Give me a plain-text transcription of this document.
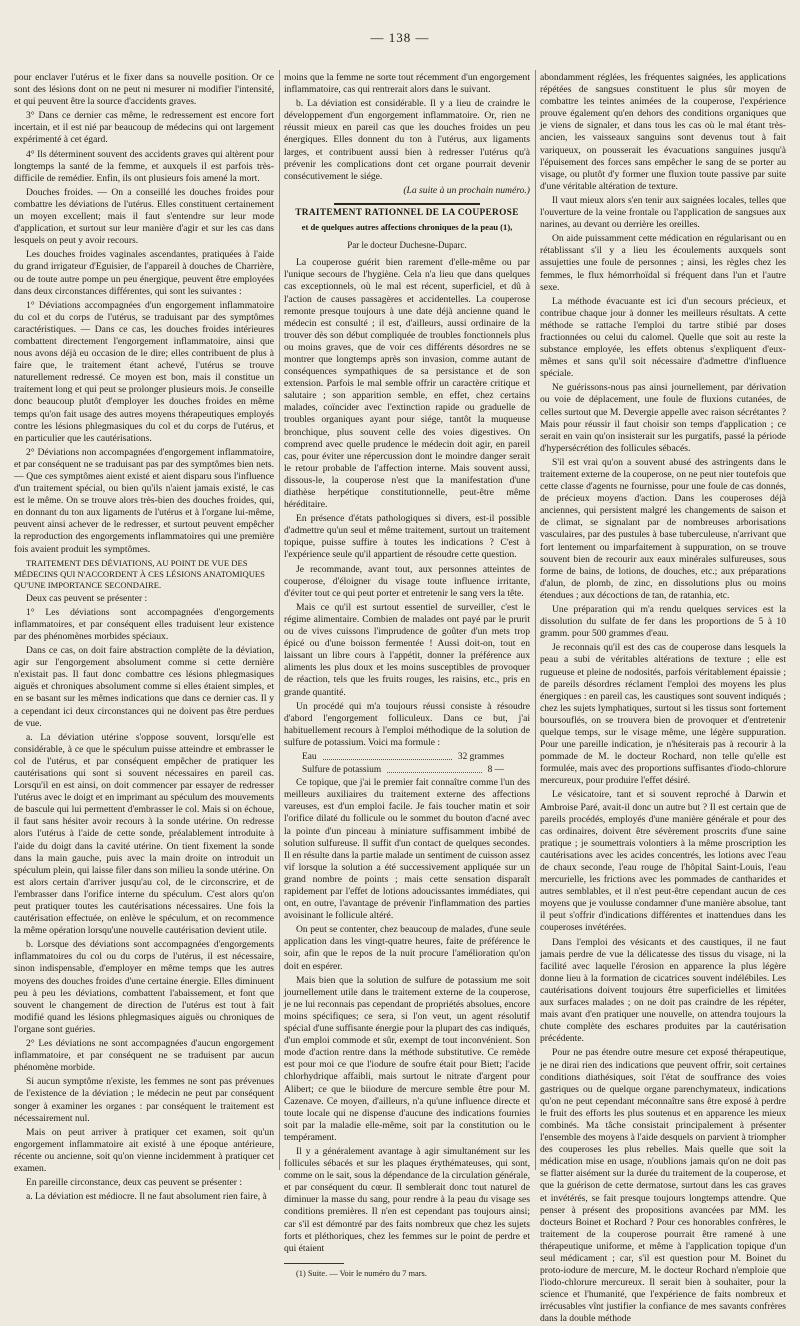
— 138 —

pour enclaver l'utérus et le fixer dans sa nouvelle position. Or ce sont des lésions dont on ne peut ni mesurer ni modifier l'intensité, et qui peuvent être la source d'accidents graves.

3° Dans ce dernier cas même, le redressement est encore fort incertain, et il est nié par beaucoup de médecins qui ont largement expérimenté à cet égard.

4° Ils déterminent souvent des accidents graves qui altèrent pour longtemps la santé de la femme, et auxquels il est parfois très-difficile de remédier. Enfin, ils ont plusieurs fois amené la mort.

Douches froides. — On a conseillé les douches froides pour combattre les déviations de l'utérus. Elles constituent certainement un moyen excellent; mais il faut s'entendre sur leur mode d'application, et surtout sur leur manière d'agir et sur les cas dans lesquels on peut y avoir recours.

Les douches froides vaginales ascendantes, pratiquées à l'aide du grand irrigateur d'Eguisier, de l'appareil à douches de Charrière, ou de toute autre pompe un peu énergique, peuvent être employées dans deux circonstances différentes, qui sont les suivantes :

1° Déviations accompagnées d'un engorgement inflammatoire du col et du corps de l'utérus, se traduisant par des symptômes caractéristiques. — Dans ce cas, les douches froides intérieures combattent directement l'engorgement inflammatoire, ainsi que nous avons déjà eu occasion de le dire; elles contribuent de plus à faire que, le traitement étant achevé, l'utérus se trouve naturellement redressé. Ce moyen est bon, mais il constitue un traitement long et qui peut se prolonger plusieurs mois. Je conseille donc beaucoup plutôt d'employer les douches froides en même temps qu'on fait usage des autres moyens thérapeutiques employés contre les lésions phlegmasiques du col et du corps de l'utérus, et en particulier que les cautérisations.

2° Déviations non accompagnées d'engorgement inflammatoire, et par conséquent ne se traduisant pas par des symptômes bien nets. — Que ces symptômes aient existé et aient disparu sous l'influence d'un traitement spécial, ou bien qu'ils n'aient jamais existé, le cas est le même. On se trouve alors très-bien des douches froides, qui, en donnant du ton aux ligaments de l'utérus et à l'organe lui-même, peuvent ainsi achever de le redresser, et surtout peuvent empêcher la reproduction des engorgements inflammatoires qui une première fois avaient produit les symptômes.

TRAITEMENT DES DÉVIATIONS, AU POINT DE VUE DES MÉDECINS QUI N'ACCORDENT À CES LÉSIONS ANATOMIQUES QU'UNE IMPORTANCE SECONDAIRE.

Deux cas peuvent se présenter :

1° Les déviations sont accompagnées d'engorgements inflammatoires, et par conséquent elles traduisent leur existence par des phénomènes morbides spéciaux.

Dans ce cas, on doit faire abstraction complète de la déviation, agir sur l'engorgement absolument comme si cette dernière n'existait pas. Il faut donc combattre ces lésions phlegmasiques aiguës et chroniques absolument comme si elles étaient simples, et en se basant sur les mêmes indications que dans ce dernier cas. Il y a cependant ici deux circonstances qui ne doivent pas être perdues de vue.

a. La déviation utérine s'oppose souvent, lorsqu'elle est considérable, à ce que le spéculum puisse atteindre et embrasser le col de l'utérus, et par conséquent empêcher de pratiquer les cautérisations qui sont si souvent nécessaires en pareil cas. Lorsqu'il en est ainsi, on doit commencer par essayer de redresser l'utérus avec le doigt et en imprimant au spéculum des mouvements de bascule qui lui permettent d'embrasser le col. Mais si on échoue, il faut sans hésiter avoir recours à la sonde utérine. On redresse alors l'utérus à l'aide de cette sonde, préalablement introduite à l'aide du doigt dans la cavité utérine. On tient fixement la sonde dans la main gauche, puis avec la main droite on introduit un spéculum plein, qui laisse filer dans son milieu la sonde utérine. On est alors certain d'arriver jusqu'au col, de le circonscrire, et de l'embrasser dans l'orifice interne du spéculum. C'est alors qu'on peut pratiquer toutes les cautérisations nécessaires. Une fois la cautérisation effectuée, on enlève le spéculum, et on recommence la même opération lorsqu'une nouvelle cautérisation devient utile.

b. Lorsque des déviations sont accompagnées d'engorgements inflammatoires du col ou du corps de l'utérus, il est nécessaire, sinon indispensable, d'employer en même temps que les autres moyens des douches froides d'une certaine énergie. Elles diminuent peu à peu les déviations, combattent l'abaissement, et font que souvent le changement de direction de l'utérus est tout à fait modifié quand les lésions phlegmasiques aiguës ou chroniques de l'organe sont guéries.

2° Les déviations ne sont accompagnées d'aucun engorgement inflammatoire, et par conséquent ne se traduisent par aucun phénomène morbide.

Si aucun symptôme n'existe, les femmes ne sont pas prévenues de l'existence de la déviation ; le médecin ne peut par conséquent songer à examiner les organes : par conséquent le traitement est nécessairement nul.

Mais on peut arriver à pratiquer cet examen, soit qu'un engorgement inflammatoire ait existé à une époque antérieure, récente ou ancienne, soit qu'on vienne incidemment à pratiquer cet examen.

En pareille circonstance, deux cas peuvent se présenter :

a. La déviation est médiocre. Il ne faut absolument rien faire, à

moins que la femme ne sorte tout récemment d'un engorgement inflammatoire, cas qui rentrerait alors dans le suivant.

b. La déviation est considérable. Il y a lieu de craindre le développement d'un engorgement inflammatoire. Or, rien ne réussit mieux en pareil cas que les douches froides un peu énergiques. Elles donnent du ton à l'utérus, aux ligaments larges, et contribuent aussi bien à redresser l'utérus qu'à prévenir les complications dont cet organe pourrait devenir consécutivement le siége.

(La suite à un prochain numéro.)

TRAITEMENT RATIONNEL DE LA COUPEROSE
et de quelques autres affections chroniques de la peau (1),
Par le docteur Duchesne-Duparc.

La couperose guérit bien rarement d'elle-même ou par l'unique secours de l'hygiène. Cela n'a lieu que dans quelques cas exceptionnels, où le mal est récent, superficiel, et dû à l'action de causes passagères et accidentelles. La couperose remonte presque toujours à une date déjà ancienne quand le médecin est consulté ; il est, d'ailleurs, aussi ordinaire de la trouver dès son début compliquée de troubles fonctionnels plus ou moins graves, que de voir ces différents désordres ne se montrer que longtemps après son invasion, comme autant de conséquences sympathiques de sa persistance et de son extension. Parfois le mal semble offrir un caractère critique et salutaire ; son apparition semble, en effet, chez certains malades, coïncider avec l'extinction rapide ou graduelle de troubles organiques ayant pour siége, tantôt la muqueuse bronchique, plus souvent celle des voies digestives. On comprend avec quelle prudence le médecin doit agir, en pareil cas, pour éviter une répercussion dont le moindre danger serait le retour probable de l'affection interne. Mais souvent aussi, dissous-le, la couperose n'est que la manifestation d'une diathèse herpétique constitutionnelle, peut-être même héréditaire.

En présence d'états pathologiques si divers, est-il possible d'admettre qu'un seul et même traitement, surtout un traitement topique, puisse suffire à toutes les indications ? C'est à l'expérience seule qu'il appartient de résoudre cette question.

Je recommande, avant tout, aux personnes atteintes de couperose, d'éloigner du visage toute influence irritante, d'éviter tout ce qui peut porter et entretenir le sang vers la tête.

Mais ce qu'il est surtout essentiel de surveiller, c'est le régime alimentaire. Combien de malades ont payé par le prurit ou de vives cuissons l'imprudence de goûter d'un mets trop épicé ou d'une boisson fermentée ! Aussi doit-on, tout en laissant un libre cours à l'appétit, donner la préférence aux aliments les plus doux et les moins susceptibles de provoquer de réaction, tels que les fruits rouges, les raisins, etc., pris en grande quantité.

Un procédé qui m'a toujours réussi consiste à résoudre d'abord l'engorgement folliculeux. Dans ce but, j'ai habituellement recours à l'emploi méthodique de la solution de sulfure de potassium. Voici ma formule :

Eau	32 grammes
Sulfure de potassium	8 —

Ce topique, que j'ai le premier fait connaître comme l'un des meilleurs auxiliaires du traitement externe des affections vareuses, est d'un emploi facile. Je fais toucher matin et soir l'orifice dilaté du follicule ou le sommet du bouton d'acné avec la pointe d'un pinceau à miniature suffisamment imbibé de solution sulfureuse. Il suffit d'un contact de quelques secondes. Il en résulte dans la partie malade un sentiment de cuisson assez vif lorsque la solution a été successivement appliquée sur un grand nombre de points ; mais cette sensation disparaît rapidement par l'effet de lotions adoucissantes immédiates, qui ont, en outre, l'avantage de prévenir l'inflammation des parties avoisinant le follicule altéré.

On peut se contenter, chez beaucoup de malades, d'une seule application dans les vingt-quatre heures, faite de préférence le soir, afin que le repos de la nuit procure l'amélioration qu'on doit en espérer.

Mais bien que la solution de sulfure de potassium me soit journellement utile dans le traitement externe de la couperose, je ne lui reconnais pas cependant de propriétés absolues, encore moins spécifiques; ce sera, si l'on veut, un agent résolutif spécial d'une suffisante énergie pour la plupart des cas indiqués, d'un emploi commode et sûr, exempt de tout inconvénient. Son mode d'action rentre dans la méthode substitutive. Ce remède est pour moi ce que l'iodure de soufre était pour Biett; l'acide chlorhydrique affaibli, mais surtout le nitrate d'argent pour Alibert; ce que le biiodure de mercure semble être pour M. Cazenave. Ce moyen, d'ailleurs, n'a qu'une influence directe et toute locale qui ne dispense d'aucune des indications fournies soit par la maladie elle-même, soit par la constitution ou le tempérament.

Il y a généralement avantage à agir simultanément sur les follicules sébacés et sur les plaques érythémateuses, qui sont, comme on le sait, sous la dépendance de la circulation générale, et par conséquent du cœur. Il semblerait donc tout naturel de diminuer la masse du sang, pour rendre à la peau du visage ses conditions premières. Il n'en est cependant pas toujours ainsi; car s'il est démontré par des faits nombreux que chez les sujets forts et pléthoriques, chez les femmes sur le point de perdre et qui étaient

(1) Suite. — Voir le numéro du 7 mars.

abondamment réglées, les fréquentes saignées, les applications répétées de sangsues constituent le plus sûr moyen de combattre les teintes animées de la couperose, l'expérience prouve également qu'en dehors des conditions organiques que je viens de signaler, et dans tous les cas où le mal étant très-ancien, les vaisseaux sanguins sont devenus tout à fait variqueux, on pousserait les évacuations sanguines jusqu'à l'épuisement des forces sans empêcher le sang de se porter au visage, ou plutôt d'y former une fluxion toute passive par suite d'une véritable altération de texture.

Il vaut mieux alors s'en tenir aux saignées locales, telles que l'ouverture de la veine frontale ou l'application de sangsues aux narines, au devant ou derrière les oreilles.

On aide puissamment cette médication en régularisant ou en rétablissant s'il y a lieu les écoulements auxquels sont assujetties une foule de personnes ; ainsi, les règles chez les femmes, le flux hémorrhoïdal si fréquent dans l'un et l'autre sexe.

La méthode évacuante est ici d'un secours précieux, et contribue chaque jour à donner les meilleurs résultats. A cette méthode se rattache l'emploi du tartre stibié par doses fractionnées ou celui du calomel. Quelle que soit au reste la substance employée, les effets obtenus s'expliquent d'eux-mêmes et sans qu'il soit nécessaire d'admettre d'influence spéciale.

Ne guérissons-nous pas ainsi journellement, par dérivation ou voie de déplacement, une foule de fluxions cutanées, de celles surtout que M. Devergie appelle avec raison sécrétantes ? Mais pour réussir il faut choisir son temps d'application ; ce serait en vain qu'on insisterait sur les purgatifs, passé la période d'hypersécrétion des follicules sébacés.

S'il est vrai qu'on a souvent abusé des astringents dans le traitement externe de la couperose, on ne peut nier toutefois que cette classe d'agents ne fournisse, pour une foule de cas donnés, de précieux moyens d'action. Dans les couperoses déjà anciennes, qui persistent malgré les changements de saison et de climat, se signalant par de nombreuses arborisations vasculaires, par des pustules à base tuberculeuse, n'arrivant que fort lentement ou imparfaitement à suppuration, on se trouve souvent bien de recourir aux eaux minérales sulfureuses, sous forme de bains, de lotions, de douches, etc.; aux préparations d'alun, de plomb, de zinc, en dissolutions plus ou moins étendues ; aux décoctions de tan, de ratanhia, etc.

Une préparation qui m'a rendu quelques services est la dissolution du sulfate de fer dans les proportions de 5 à 10 gramm. pour 500 grammes d'eau.

Je reconnais qu'il est des cas de couperose dans lesquels la peau a subi de véritables altérations de texture ; elle est rugueuse et pleine de nodosités, parfois véritablement épaissie ; de pareils désordres réclament l'emploi des moyens les plus énergiques : en pareil cas, les caustiques sont souvent indiqués ; chez les sujets lymphatiques, surtout si les tissus sont fortement boursouflés, on se trouvera bien de provoquer et d'entretenir quelque temps, sur le visage même, une légère suppuration. Pour une pareille indication, je n'hésiterais pas à recourir à la pommade de M. le docteur Rochard, non telle qu'elle est formulée, mais avec des proportions suffisantes d'iodo-chlorure mercureux, pour produire l'effet désiré.

Le vésicatoire, tant et si souvent reproché à Darwin et Ambroise Paré, avait-il donc un autre but ? Il est certain que de pareils procédés, employés d'une manière générale et pour des cas ordinaires, doivent être sévèrement proscrits d'une saine pratique ; je soumettrais volontiers à la même proscription les cautérisations avec les acides concentrés, les lotions avec l'eau de chaux seconde, l'eau rouge de l'hôpital Saint-Louis, l'eau mercurielle, les frictions avec les pommades de cantharides et autres semblables, et il n'est peut-être cependant aucun de ces moyens que je voulusse condamner d'une manière absolue, tant il peut s'offrir d'indications différentes et inattendues dans les couperoses invétérées.

Dans l'emploi des vésicants et des caustiques, il ne faut jamais perdre de vue la délicatesse des tissus du visage, ni la facilité avec laquelle l'érosion en apparence la plus légère donne lieu à la formation de cicatrices souvent indélébiles. Les cautérisations doivent toujours être superficielles et limitées aux surfaces malades ; on ne doit pas craindre de les répéter, mais avant d'en pratiquer une nouvelle, on attendra toujours la chute complète des eschares produites par la cautérisation précédente.

Pour ne pas étendre outre mesure cet exposé thérapeutique, je ne dirai rien des indications que peuvent offrir, soit certaines conditions diathésiques, soit l'état de souffrance des voies gastriques ou de quelque organe parenchymateux, indications qu'on ne peut cependant méconnaître sans être exposé à perdre le fruit des efforts les plus soutenus et en apparence les mieux combinés. Ma tâche consistait principalement à présenter l'ensemble des moyens à l'aide desquels on parvient à triompher des couperoses les plus rebelles. Mais quelle que soit la médication mise en usage, n'oublions jamais qu'on ne doit pas se flatter aisément sur la durée du traitement de la couperose, et que la guérison de cette dermatose, surtout dans les cas graves et invétérés, se fait presque toujours longtemps attendre. Que penser à présent des propositions avancées par MM. les docteurs Boinet et Rochard ? Pour ces honorables confrères, le traitement de la couperose pourrait être ramené à une thérapeutique uniforme, et même à l'application topique d'un seul médicament ; car, s'il est question pour M. Boinet du proto-iodure de mercure, M. le docteur Rochard n'emploie que l'iodo-chlorure mercureux. Il serait bien à souhaiter, pour la science et l'humanité, que l'expérience de faits nombreux et irrécusables vînt justifier la confiance de mes savants confrères dans la double méthode
